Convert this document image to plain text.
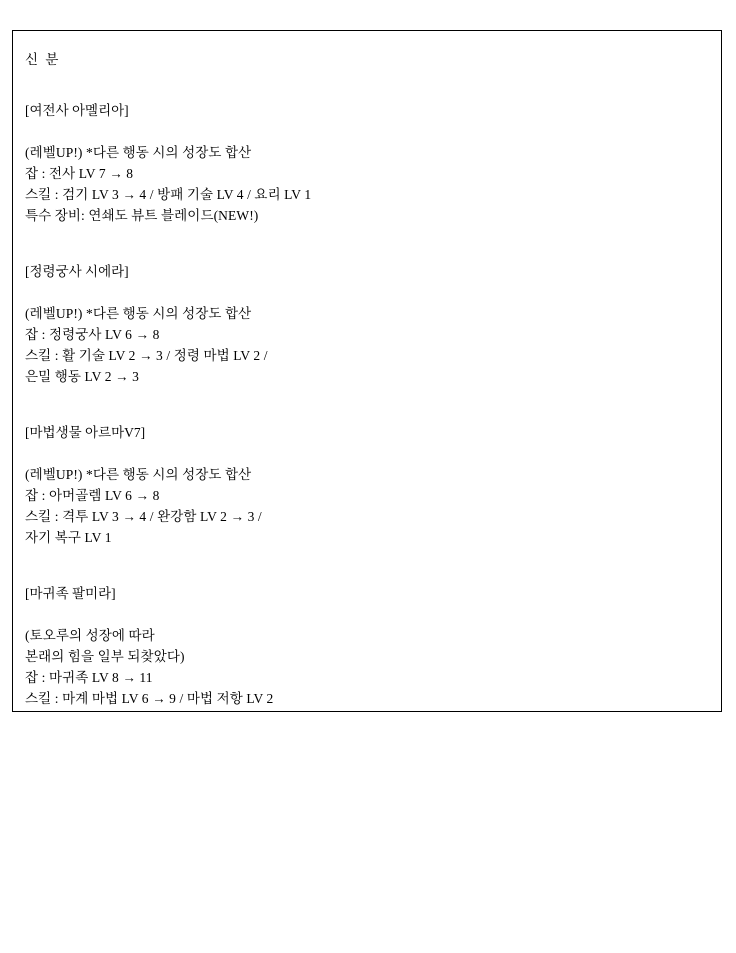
신 분
[여전사 아멜리아]
(레벨UP!) *다른 행동 시의 성장도 합산
잡 : 전사 LV 7 → 8
스킬 : 검기 LV 3 → 4 / 방패 기술 LV 4 / 요리 LV 1
특수 장비: 연쇄도 뷰트 블레이드(NEW!)
[정령궁사 시에라]
(레벨UP!) *다른 행동 시의 성장도 합산
잡 : 정령궁사 LV 6 → 8
스킬 : 활 기술 LV 2 → 3 / 정령 마법 LV 2 /
은밀 행동 LV 2 → 3
[마법생물 아르마V7]
(레벨UP!) *다른 행동 시의 성장도 합산
잡 : 아머골렘 LV 6 → 8
스킬 : 격투 LV 3 → 4 / 완강함 LV 2 → 3 /
자기 복구 LV 1
[마귀족 팔미라]
(토오루의 성장에 따라
본래의 힘을 일부 되찾았다)
잡 : 마귀족 LV 8 → 11
스킬 : 마계 마법 LV 6 → 9 / 마법 저항 LV 2
